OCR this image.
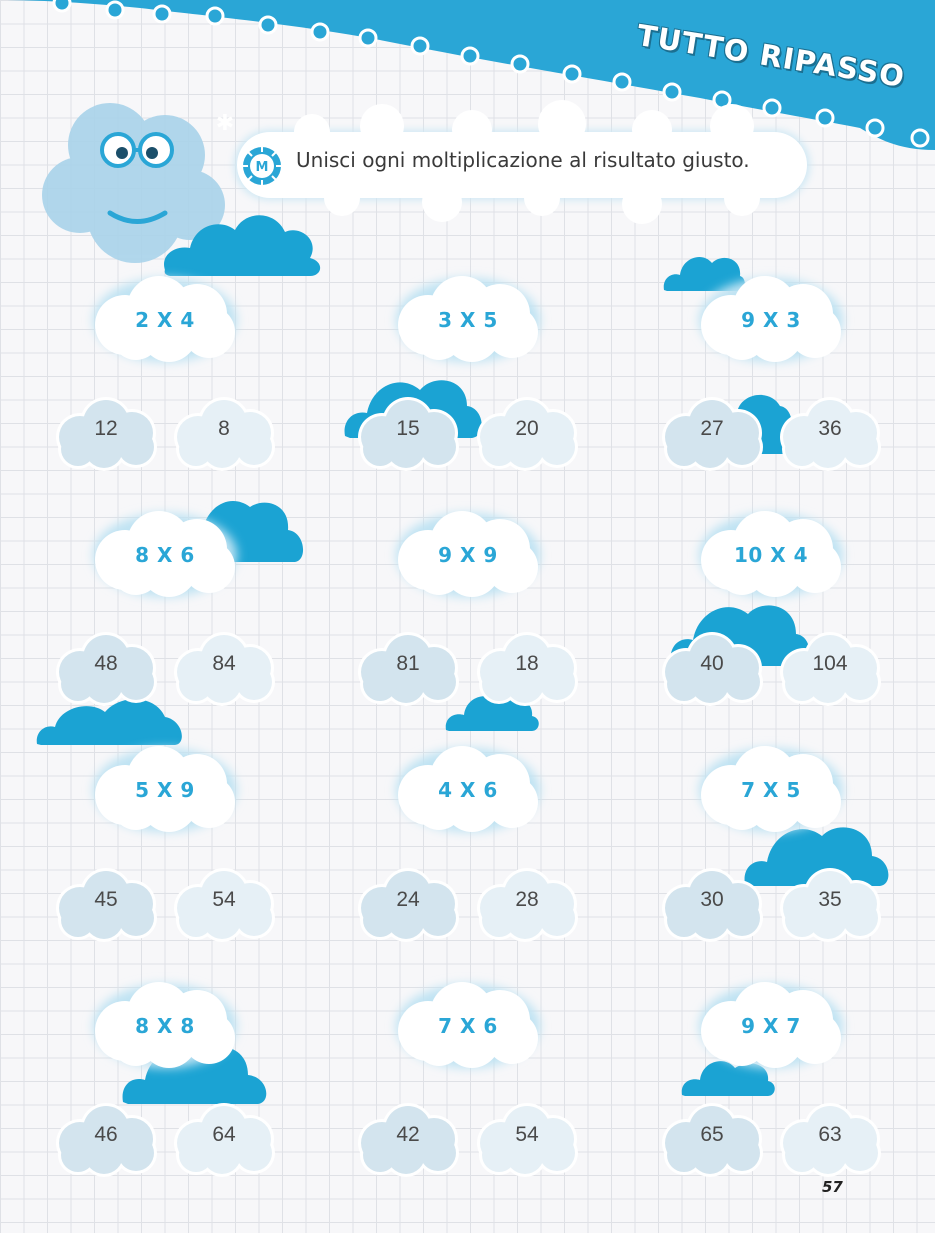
TUTTO RIPASSO
✱
M Unisci ogni moltiplicazione al risultato giusto.
2 X 4
12	8
3 X 5
15	20
9 X 3
27	36
8 X 6
48	84
9 X 9
81	18
10 X 4
40	104
5 X 9
45	54
4 X 6
24	28
7 X 5
30	35
8 X 8
46	64
7 X 6
42	54
9 X 7
65	63
57
